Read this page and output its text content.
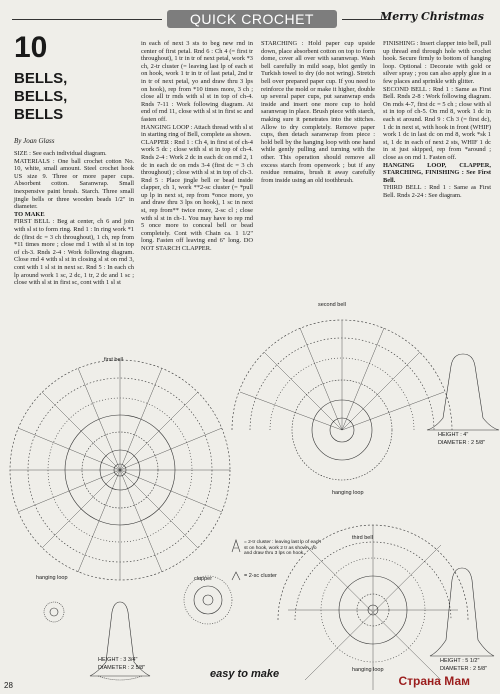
QUICK CROCHET	Merry Christmas
10
BELLS,
BELLS,
BELLS
By Joan Glass

SIZE : See each individual diagram.

MATERIALS : One ball crochet cotton No. 10, white, small amount. Steel crochet hook US size 9. Three or more paper cups. Absorbent cotton. Saranwrap. Small inexpensive paint brush. Starch. Three small jingle bells or three wooden beads 1/2" in diameter.

TO MAKE

FIRST BELL : Beg at center, ch 6 and join with sl st to form ring. Rnd 1 : In ring work *1 dc (first dc = 3 ch throughout), 1 ch, rep from *11 times more ; close rnd 1 with sl st in top of ch-3. Rnds 2-4 : Work following diagram. Close rnd 4 with sl st in closing sl st on rnd 3, cont with 1 sl st in next sc. Rnd 5 : In each ch lp around work 1 sc, 2 dc, 1 tr, 2 dc and 1 sc ; close with sl st in first sc, cont with 1 sl st

in each of next 3 sts to beg new rnd in center of first petal. Rnd 6 : Ch 4 (= first tr throughout), 1 tr in tr of next petal, work *3 ch, 2-tr cluster (= leaving last lp of each st on hook, work 1 tr in tr of last petal, 2nd tr in tr of next petal, yo and draw thru 3 lps on hook), rep from *10 times more, 3 ch ; close all tr rnds with sl st in top of ch-4. Rnds 7-11 : Work following diagram. At end of rnd 11, close with sl st in first sc and fasten off.

HANGING LOOP : Attach thread with sl st in starting ring of Bell, complete as shown.

CLAPPER : Rnd 1 : Ch 4, in first st of ch-4 work 5 dc ; close with sl st in top of ch-4. Rnds 2-4 : Work 2 dc in each dc on rnd 2, 1 dc in each dc on rnds 3-4 (first dc = 3 ch throughout) ; close with sl st in top of ch-3. Rnd 5 : Place jingle bell or bead inside clapper, ch 1, work **2-sc cluster (= *pull up lp in next st, rep from *once more, yo and draw thru 3 lps on hook), 1 sc in next st, rep from** twice more, 2-sc cl ; close with sl st in ch-1. You may have to rep rnd 5 once more to conceal bell or bead completely. Cont with Chain ca. 1 1/2" long. Fasten off leaving end 6" long. DO NOT STARCH CLAPPER.

STARCHING : Hold paper cup upside down, place absorbent cotton on top to form dome, cover all over with saranwrap. Wash bell carefully in mild soap, blot gently in Turkish towel to dry (do not wring). Stretch bell over prepared paper cup. If you need to reinforce the mold or make it higher, double up several paper cups, put saranwrap ends inside and insert one more cup to hold saranwrap in place. Brush piece with starch, making sure it penetrates into the stitches. Allow to dry completely. Remove paper cups, then detach saranwrap from piece : hold bell by the hanging loop with one hand while gently pulling and turning with the other. This operation should remove all excess starch from openwork ; but if any residue remains, brush it away carefully from inside using an old toothbrush.

FINISHING : Insert clapper into bell, pull up thread end through hole with crochet hook. Secure firmly to bottom of hanging loop. Optional : Decorate with gold or silver spray ; you can also apply glue in a few places and sprinkle with glitter.

SECOND BELL : Rnd 1 : Same as First Bell. Rnds 2-8 : Work following diagram. On rnds 4-7, first dc = 5 ch ; close with sl st in top of ch-5. On rnd 8, work 1 dc in each st around. Rnd 9 : Ch 3 (= first dc), 1 dc in next st, with hook in front (WHIF) work 1 dc in last dc on rnd 8, work *sk 1 st, 1 dc in each of next 2 sts, WHIF 1 dc in st just skipped, rep from *around ; close as on rnd 1. Fasten off.

HANGING LOOP, CLAPPER, STARCHING, FINISHING : See First Bell.

THIRD BELL : Rnd 1 : Same as First Bell. Rnds 2-24 : See diagram.

first bell
second bell
third bell
hanging loop
hanging loop
hanging loop
clapper
= 2-tr cluster : leaving last lp of each st on hook, work 2 tr as shown, yo and draw thru 3 lps on hook.
= 2-sc cluster
HEIGHT : 3 3/4"
DIAMETER : 2 5/8"
HEIGHT : 4"
DIAMETER : 2 5/8"
HEIGHT : 5 1/2"
DIAMETER : 2 5/8"
28
easy to make	Страна Мам
